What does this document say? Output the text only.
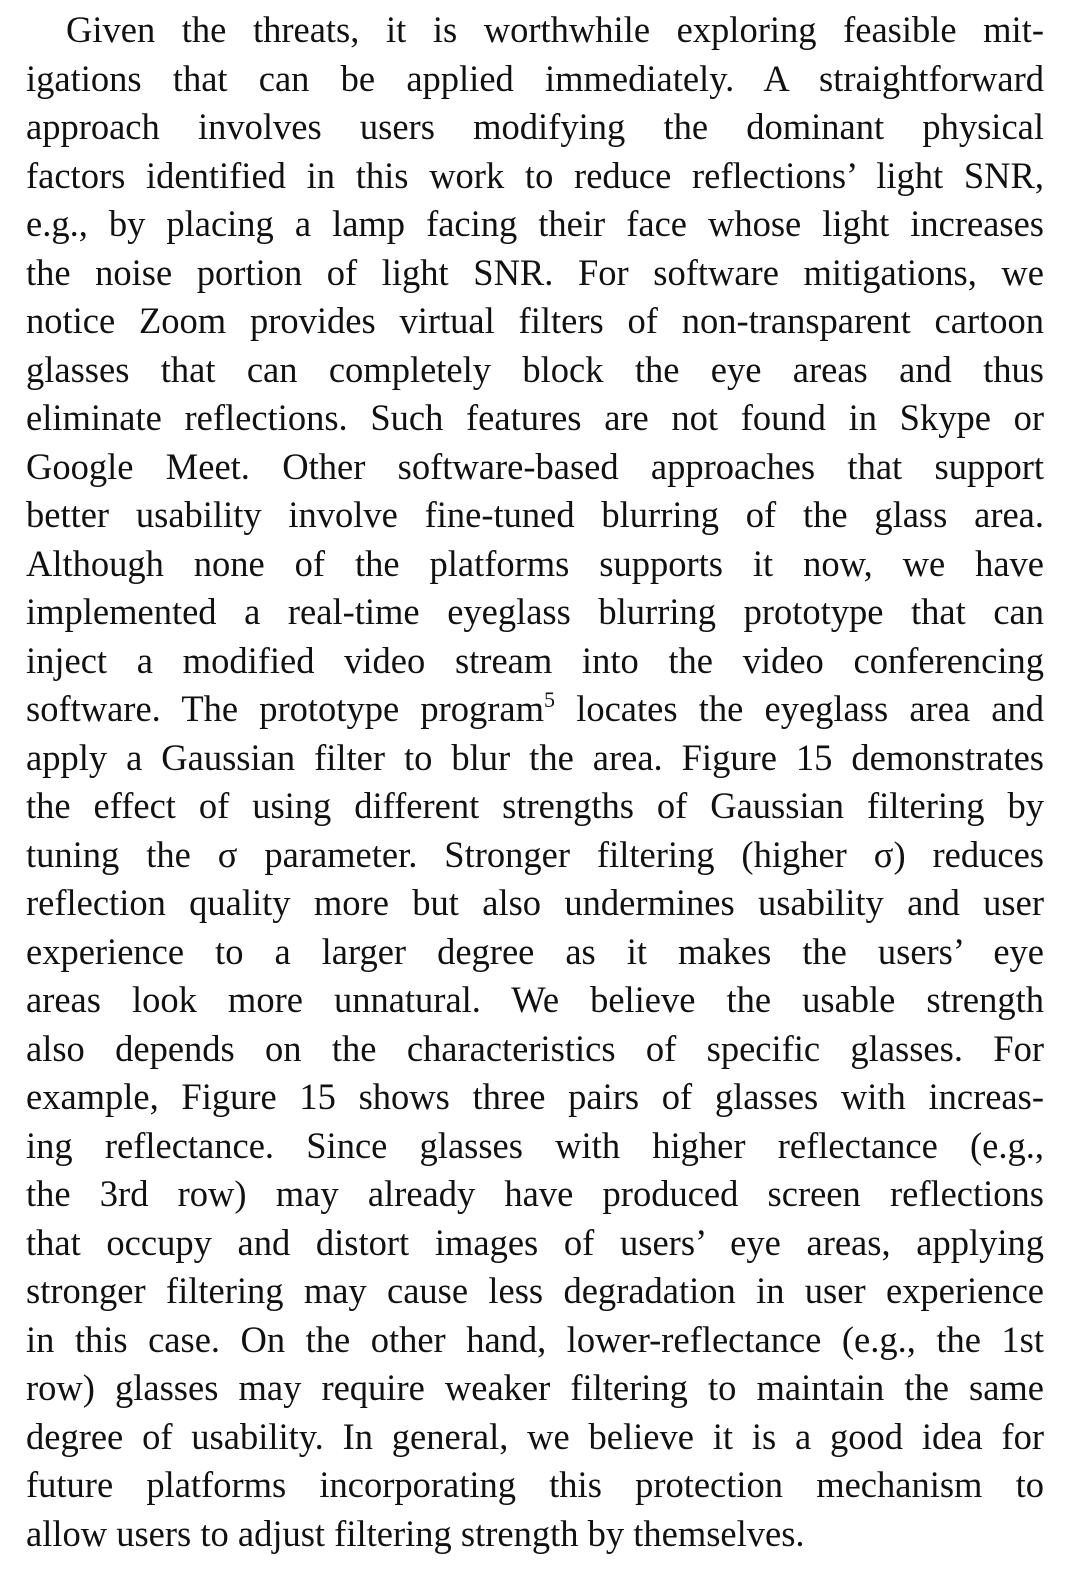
Given the threats, it is worthwhile exploring feasible mit-
igations that can be applied immediately. A straightforward
approach involves users modifying the dominant physical
factors identified in this work to reduce reflections’ light SNR,
e.g., by placing a lamp facing their face whose light increases
the noise portion of light SNR. For software mitigations, we
notice Zoom provides virtual filters of non-transparent cartoon
glasses that can completely block the eye areas and thus
eliminate reflections. Such features are not found in Skype or
Google Meet. Other software-based approaches that support
better usability involve fine-tuned blurring of the glass area.
Although none of the platforms supports it now, we have
implemented a real-time eyeglass blurring prototype that can
inject a modified video stream into the video conferencing
software. The prototype program$^5$ locates the eyeglass area and
apply a Gaussian filter to blur the area. Figure 15 demonstrates
the effect of using different strengths of Gaussian filtering by
tuning the σ parameter. Stronger filtering (higher σ) reduces
reflection quality more but also undermines usability and user
experience to a larger degree as it makes the users’ eye
areas look more unnatural. We believe the usable strength
also depends on the characteristics of specific glasses. For
example, Figure 15 shows three pairs of glasses with increas-
ing reflectance. Since glasses with higher reflectance (e.g.,
the 3rd row) may already have produced screen reflections
that occupy and distort images of users’ eye areas, applying
stronger filtering may cause less degradation in user experience
in this case. On the other hand, lower-reflectance (e.g., the 1st
row) glasses may require weaker filtering to maintain the same
degree of usability. In general, we believe it is a good idea for
future platforms incorporating this protection mechanism to
allow users to adjust filtering strength by themselves.
